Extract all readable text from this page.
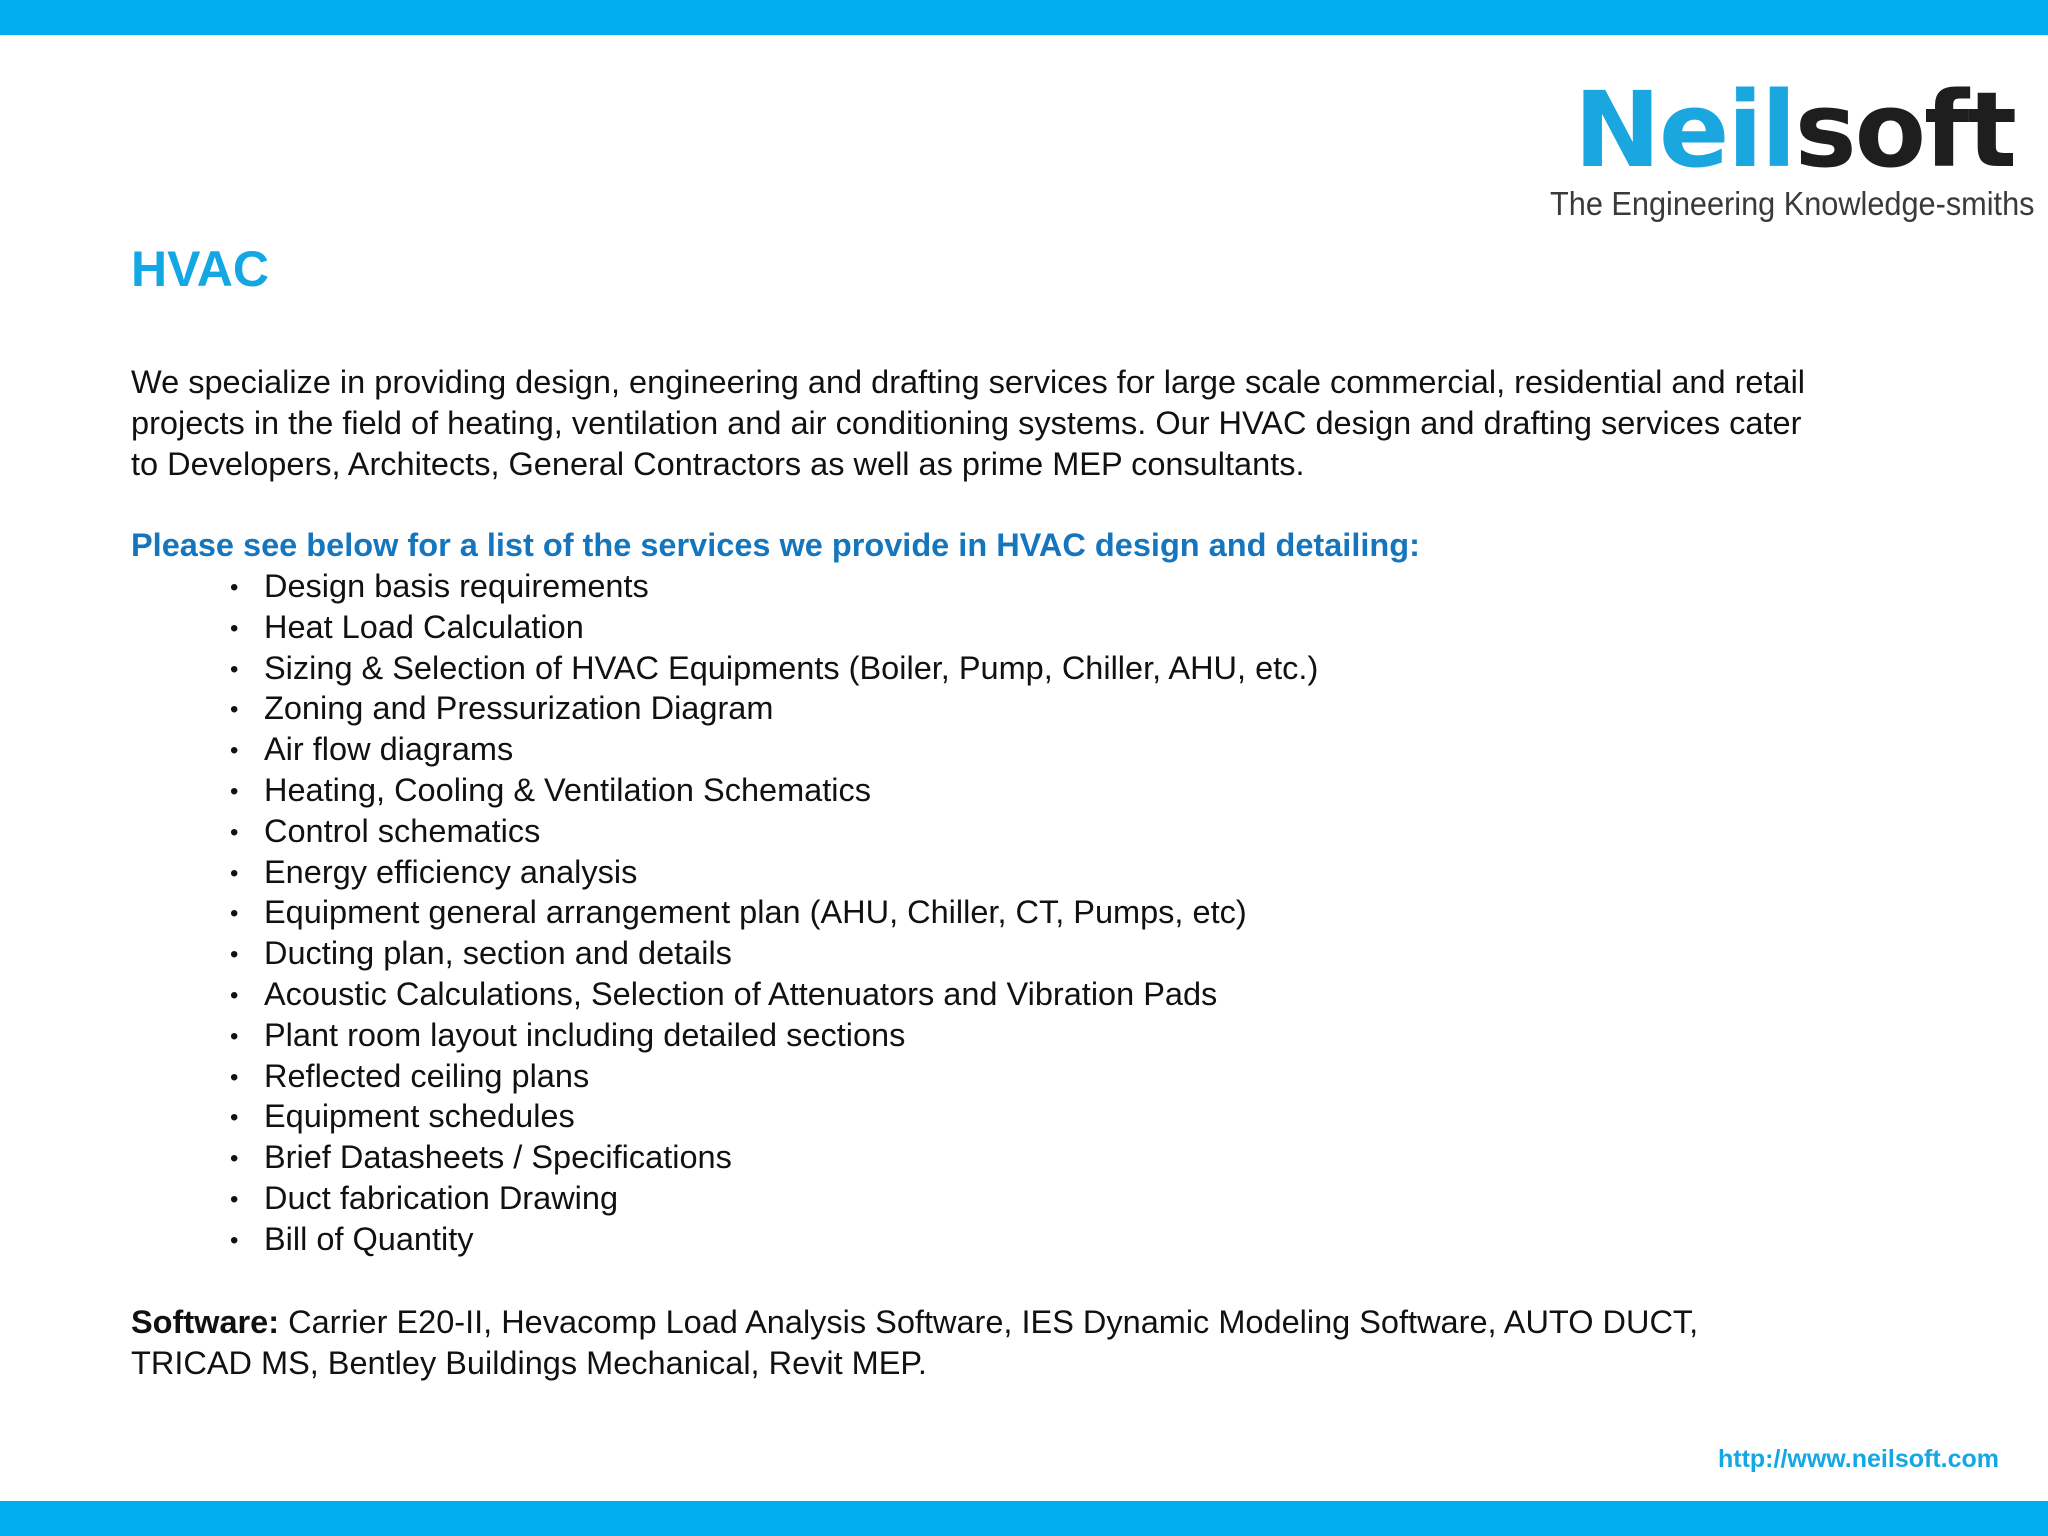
Neilsoft
The Engineering Knowledge-smiths
HVAC

We specialize in providing design, engineering and drafting services for large scale commercial, residential and retail
projects in the field of heating, ventilation and air conditioning systems. Our HVAC design and drafting services cater
to Developers, Architects, General Contractors as well as prime MEP consultants.

Please see below for a list of the services we provide in HVAC design and detailing:
• Design basis requirements
• Heat Load Calculation
• Sizing & Selection of HVAC Equipments (Boiler, Pump, Chiller, AHU, etc.)
• Zoning and Pressurization Diagram
• Air flow diagrams
• Heating, Cooling & Ventilation Schematics
• Control schematics
• Energy efficiency analysis
• Equipment general arrangement plan (AHU, Chiller, CT, Pumps, etc)
• Ducting plan, section and details
• Acoustic Calculations, Selection of Attenuators and Vibration Pads
• Plant room layout including detailed sections
• Reflected ceiling plans
• Equipment schedules
• Brief Datasheets / Specifications
• Duct fabrication Drawing
• Bill of Quantity

Software: Carrier E20-II, Hevacomp Load Analysis Software, IES Dynamic Modeling Software, AUTO DUCT,
TRICAD MS, Bentley Buildings Mechanical, Revit MEP.

http://www.neilsoft.com
